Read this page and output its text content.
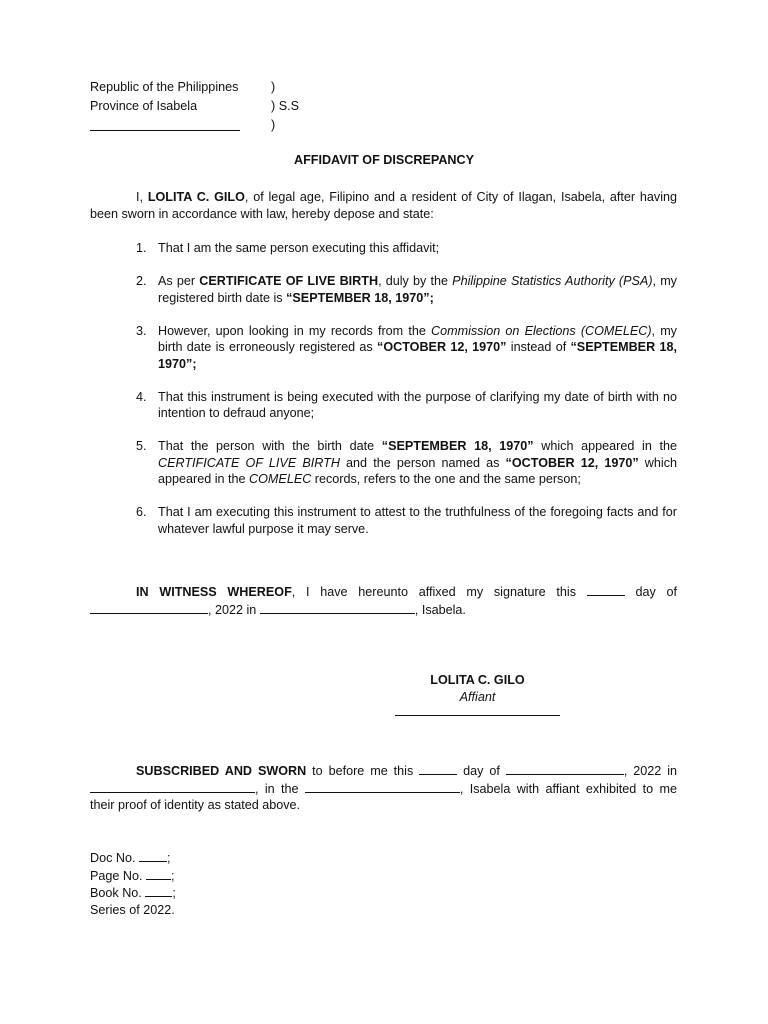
Republic of the Philippines	)
Province of Isabela	) S.S
)
AFFIDAVIT OF DISCREPANCY

I, LOLITA C. GILO, of legal age, Filipino and a resident of City of Ilagan, Isabela, after having been sworn in accordance with law, hereby depose and state:

1. That I am the same person executing this affidavit;
2. As per CERTIFICATE OF LIVE BIRTH, duly by the Philippine Statistics Authority (PSA), my registered birth date is “SEPTEMBER 18, 1970”;
3. However, upon looking in my records from the Commission on Elections (COMELEC), my birth date is erroneously registered as “OCTOBER 12, 1970” instead of “SEPTEMBER 18, 1970”;
4. That this instrument is being executed with the purpose of clarifying my date of birth with no intention to defraud anyone;
5. That the person with the birth date “SEPTEMBER 18, 1970” which appeared in the CERTIFICATE OF LIVE BIRTH and the person named as “OCTOBER 12, 1970” which appeared in the COMELEC records, refers to the one and the same person;
6. That I am executing this instrument to attest to the truthfulness of the foregoing facts and for whatever lawful purpose it may serve.

IN WITNESS WHEREOF, I have hereunto affixed my signature this	day of , 2022 in	, Isabela.

LOLITA C. GILO
Affiant

SUBSCRIBED AND SWORN to before me this	day of	, 2022 in , in the	, Isabela with affiant exhibited to me their proof of identity as stated above.

Doc No. ;
Page No. ;
Book No. ;
Series of 2022.
